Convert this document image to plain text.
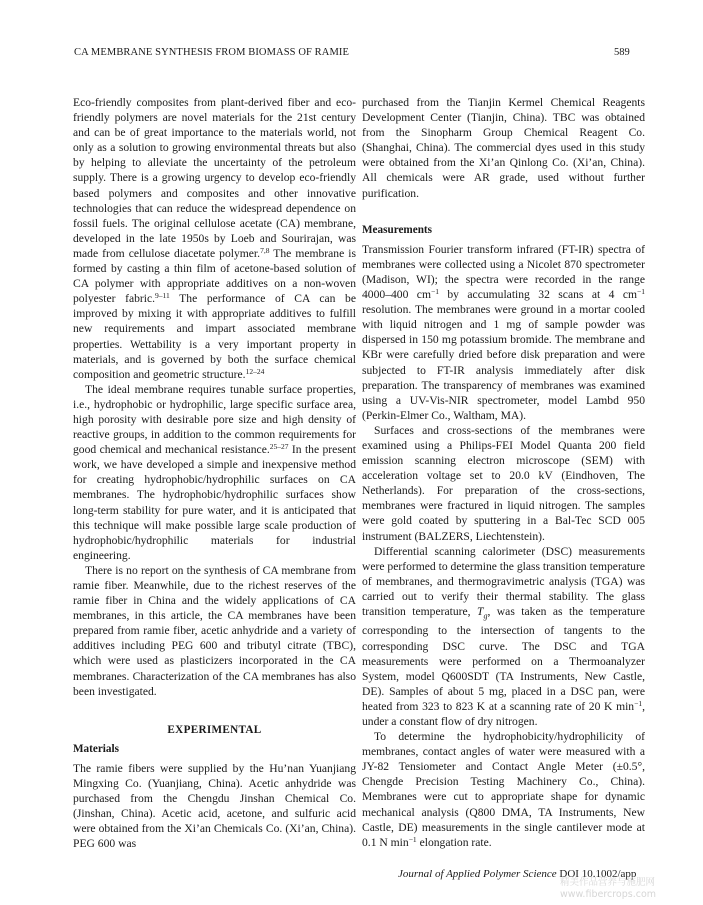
CA MEMBRANE SYNTHESIS FROM BIOMASS OF RAMIE	589

Eco-friendly composites from plant-derived fiber and eco-friendly polymers are novel materials for the 21st century and can be of great importance to the materials world, not only as a solution to growing environmental threats but also by helping to alleviate the uncertainty of the petroleum supply. There is a growing urgency to develop eco-friendly based polymers and composites and other innovative technologies that can reduce the widespread dependence on fossil fuels. The original cellulose acetate (CA) membrane, developed in the late 1950s by Loeb and Sourirajan, was made from cellulose diacetate polymer.$^{7,8}$ The membrane is formed by casting a thin film of acetone-based solution of CA polymer with appropriate additives on a non-woven polyester fabric.$^{9-11}$ The performance of CA can be improved by mixing it with appropriate additives to fulfill new requirements and impart associated membrane properties. Wettability is a very important property in materials, and is governed by both the surface chemical composition and geometric structure.$^{12-24}$

The ideal membrane requires tunable surface properties, i.e., hydrophobic or hydrophilic, large specific surface area, high porosity with desirable pore size and high density of reactive groups, in addition to the common requirements for good chemical and mechanical resistance.$^{25-27}$ In the present work, we have developed a simple and inexpensive method for creating hydrophobic/hydrophilic surfaces on CA membranes. The hydrophobic/hydrophilic surfaces show long-term stability for pure water, and it is anticipated that this technique will make possible large scale production of hydrophobic/hydrophilic materials for industrial engineering.

There is no report on the synthesis of CA membrane from ramie fiber. Meanwhile, due to the richest reserves of the ramie fiber in China and the widely applications of CA membranes, in this article, the CA membranes have been prepared from ramie fiber, acetic anhydride and a variety of additives including PEG 600 and tributyl citrate (TBC), which were used as plasticizers incorporated in the CA membranes. Characterization of the CA membranes has also been investigated.

EXPERIMENTAL
Materials

The ramie fibers were supplied by the Hu’nan Yuanjiang Mingxing Co. (Yuanjiang, China). Acetic anhydride was purchased from the Chengdu Jinshan Chemical Co. (Jinshan, China). Acetic acid, acetone, and sulfuric acid were obtained from the Xi’an Chemicals Co. (Xi’an, China). PEG 600 was

purchased from the Tianjin Kermel Chemical Reagents Development Center (Tianjin, China). TBC was obtained from the Sinopharm Group Chemical Reagent Co. (Shanghai, China). The commercial dyes used in this study were obtained from the Xi’an Qinlong Co. (Xi’an, China). All chemicals were AR grade, used without further purification.

Measurements

Transmission Fourier transform infrared (FT-IR) spectra of membranes were collected using a Nicolet 870 spectrometer (Madison, WI); the spectra were recorded in the range 4000–400 $cm^{-1}$ by accumulating 32 scans at 4 $cm^{-1}$ resolution. The membranes were ground in a mortar cooled with liquid nitrogen and 1 mg of sample powder was dispersed in 150 mg potassium bromide. The membrane and KBr were carefully dried before disk preparation and were subjected to FT-IR analysis immediately after disk preparation. The transparency of membranes was examined using a UV-Vis-NIR spectrometer, model Lambd 950 (Perkin-Elmer Co., Waltham, MA).

Surfaces and cross-sections of the membranes were examined using a Philips-FEI Model Quanta 200 field emission scanning electron microscope (SEM) with acceleration voltage set to 20.0 kV (Eindhoven, The Netherlands). For preparation of the cross-sections, membranes were fractured in liquid nitrogen. The samples were gold coated by sputtering in a Bal-Tec SCD 005 instrument (BALZERS, Liechtenstein).

Differential scanning calorimeter (DSC) measurements were performed to determine the glass transition temperature of membranes, and thermogravimetric analysis (TGA) was carried out to verify their thermal stability. The glass transition temperature, $T_g$, was taken as the temperature corresponding to the intersection of tangents to the corresponding DSC curve. The DSC and TGA measurements were performed on a Thermoanalyzer System, model Q600SDT (TA Instruments, New Castle, DE). Samples of about 5 mg, placed in a DSC pan, were heated from 323 to 823 K at a scanning rate of 20 K $\min^{-1}$, under a constant flow of dry nitrogen.

To determine the hydrophobicity/hydrophilicity of membranes, contact angles of water were measured with a JY-82 Tensiometer and Contact Angle Meter (±0.5°, Chengde Precision Testing Machinery Co., China). Membranes were cut to appropriate shape for dynamic mechanical analysis (Q800 DMA, TA Instruments, New Castle, DE) measurements in the single cantilever mode at 0.1 N $\min^{-1}$ elongation rate.

Journal of Applied Polymer Science DOI 10.1002/app
精美作品营养与施肥网
www.fibercrops.com
